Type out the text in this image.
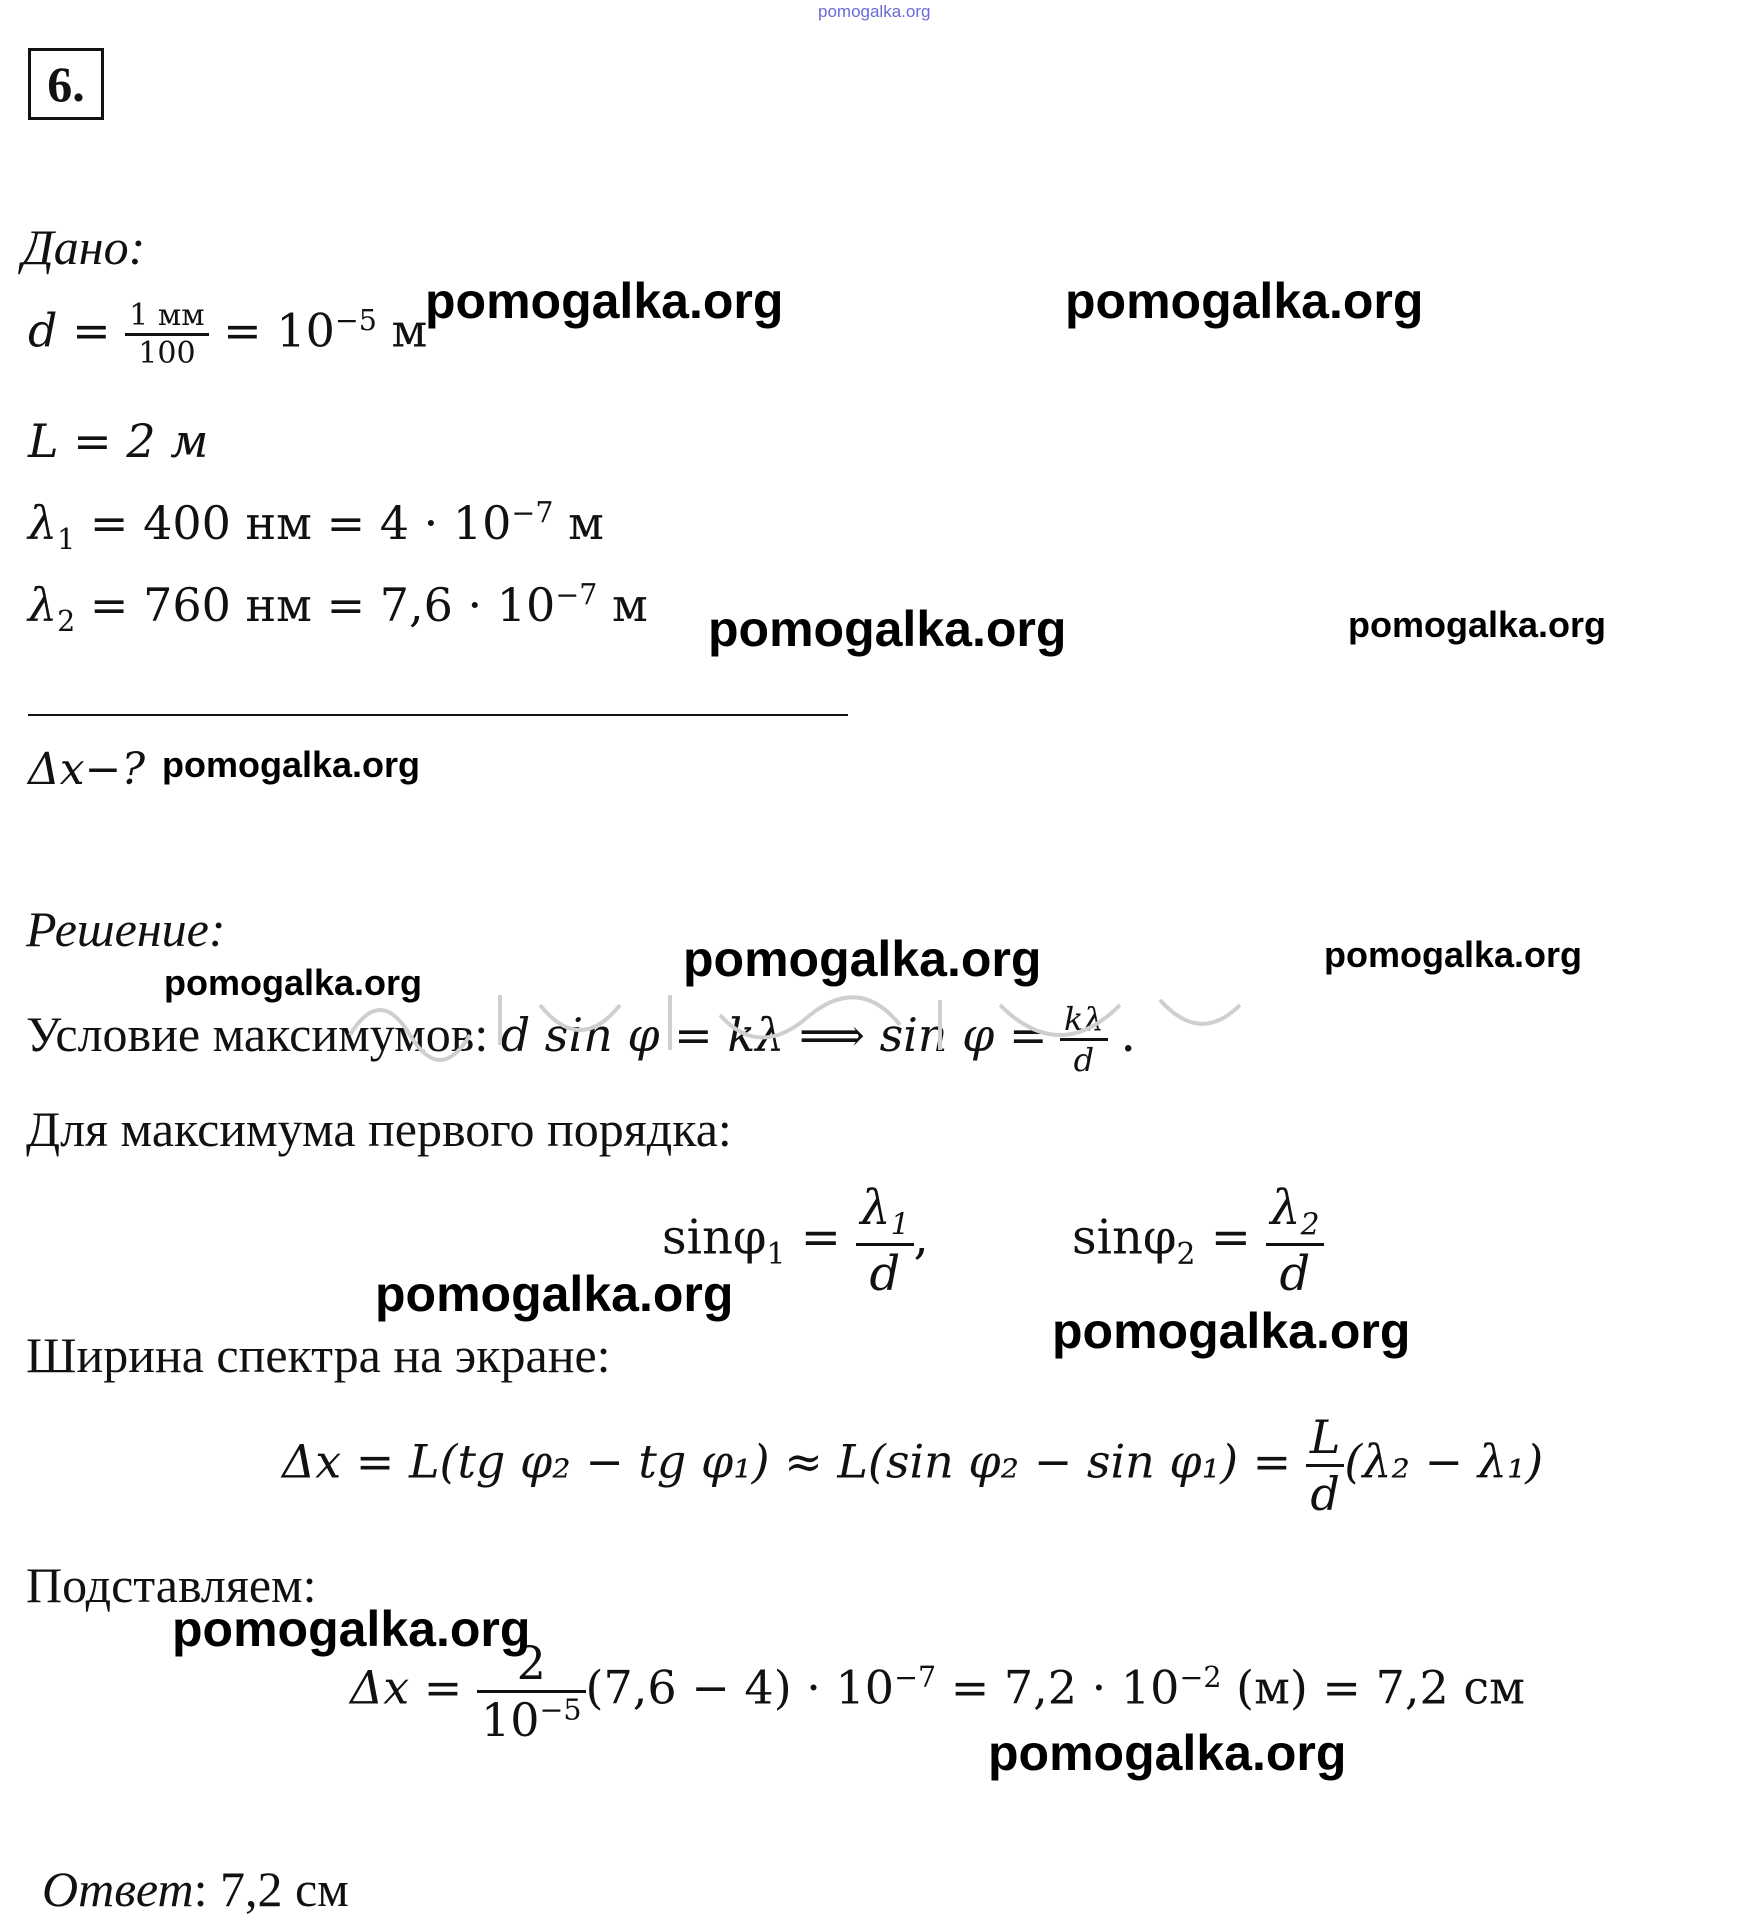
pomogalka.org
6.
Дано:
$d = \frac{1 мм}{100} = 10^{-5}$ м
L = 2 м
$\lambda_1 = 400$ нм = $4 \cdot 10^{-7}$ м
$\lambda_2 = 760$ нм = $7,6 \cdot 10^{-7}$ м
Δx−?
Решение:
Условие максимумов: d sin φ = kλ ⟹ $\sin \varphi = \frac{k\lambda}{d}$ .
Для максимума первого порядка:
$\sin\varphi_1 = \frac{\lambda_1}{d}$ ,	$\sin\varphi_2 = \frac{\lambda_2}{d}$
Ширина спектра на экране:
Δx = L(tg φ₂ − tg φ₁) ≈ L(sin $\varphi_2 - \sin \varphi_1) = \frac{L}{d} (\lambda_2 - \lambda_1)$
Подставляем:
$\Delta x = \frac{2}{10^{-5}} (7,6 - 4) \cdot 10^{-7} = 7,2 \cdot 10^{-2}$ (м) = 7,2 см
Ответ: 7,2 см
pomogalka.org	pomogalka.org
pomogalka.org	pomogalka.org
pomogalka.org
pomogalka.org	pomogalka.org
pomogalka.org
pomogalka.org
pomogalka.org
pomogalka.org
pomogalka.org
